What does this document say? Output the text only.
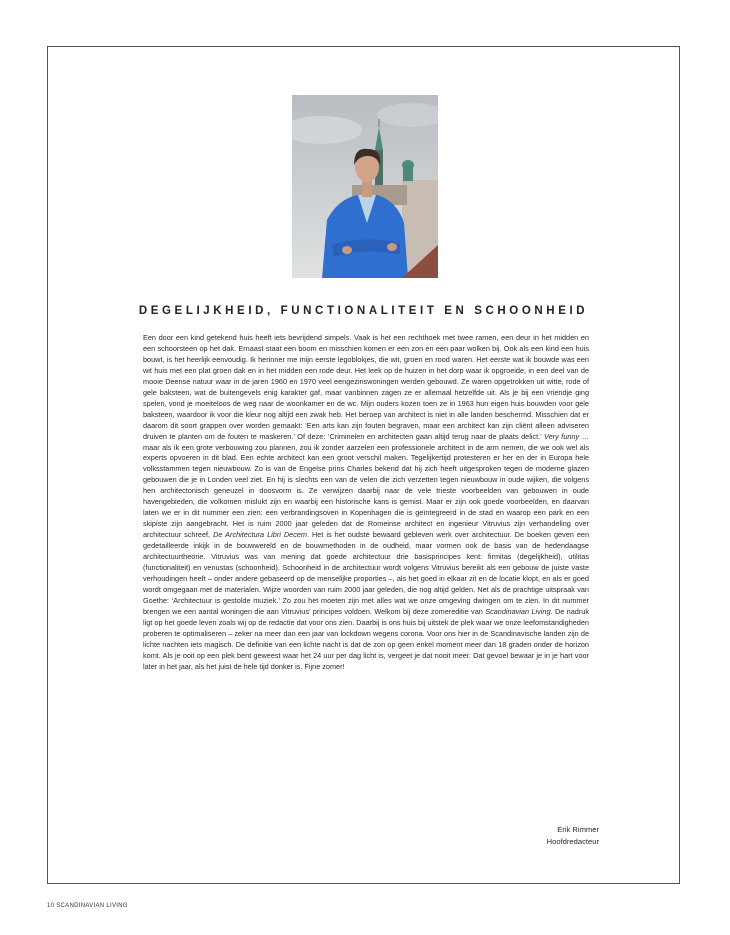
DEGELIJKHEID, FUNCTIONALITEIT EN SCHOONHEID

Een door een kind getekend huis heeft iets bevrijdend simpels. Vaak is het een rechthoek met twee ramen, een deur in het midden en een schoorsteen op het dak. Ernaast staat een boom en misschien komen er een zon en een paar wolken bij. Ook als een kind een huis bouwt, is het heerlijk eenvoudig. Ik herinner me mijn eerste legoblokjes, die wit, groen en rood waren. Het eerste wat ik bouwde was een wit huis met een plat groen dak en in het midden een rode deur. Het leek op de huizen in het dorp waar ik opgroeide, in een deel van de mooie Deense natuur waar in de jaren 1960 en 1970 veel eengezinswoningen werden gebouwd. Ze waren opgetrokken uit witte, rode of gele baksteen, wat de buitengevels enig karakter gaf, maar vanbinnen zagen ze er allemaal hetzelfde uit. Als je bij een vriendje ging spelen, vond je moeiteloos de weg naar de woonkamer en de wc. Mijn ouders kozen toen ze in 1963 hun eigen huis bouwden voor gele baksteen, waardoor ik voor die kleur nog altijd een zwak heb. Het beroep van architect is niet in alle landen beschermd. Misschien dat er daarom dit soort grappen over worden gemaakt: ‘Een arts kan zijn fouten begraven, maar een architect kan zijn cliënt alleen adviseren druiven te planten om de fouten te maskeren.’ Of deze: ‘Criminelen en architecten gaan altijd terug naar de plaats delict.’ Very funny … maar als ik een grote verbouwing zou plannen, zou ik zonder aarzelen een professionele architect in de arm nemen, die we ook wel als experts opvoeren in dit blad. Een echte architect kan een groot verschil maken. Tegelijkertijd protesteren er her en der in Europa hele volksstammen tegen nieuwbouw. Zo is van de Engelse prins Charles bekend dat hij zich heeft uitgesproken tegen de moderne glazen gebouwen die je in Londen veel ziet. En hij is slechts een van de velen die zich verzetten tegen nieuwbouw in oude wijken, die volgens hen architectonisch geneuzel in doosvorm is. Ze verwijzen daarbij naar de vele trieste voorbeelden van gebouwen in oude havengebieden, die volkomen mislukt zijn en waarbij een historische kans is gemist. Maar er zijn ook goede voorbeelden, en daarvan laten we er in dit nummer een zien: een verbrandingsoven in Kopenhagen die is geïntegreerd in de stad en waarop een park en een skipiste zijn aangebracht. Het is ruim 2000 jaar geleden dat de Romeinse architect en ingenieur Vitruvius zijn verhandeling over architectuur schreef, De Architectura Libri Decem. Het is het oudste bewaard gebleven werk over architectuur. De boeken geven een gedetailleerde inkijk in de bouwwereld en de bouwmethoden in de oudheid, maar vormen ook de basis van de hedendaagse architectuurtheorie. Vitruvius was van mening dat goede architectuur drie basisprincipes kent: firmitas (degelijkheid), utilitas (functionaliteit) en venustas (schoonheid). Schoonheid in de architectuur wordt volgens Vitruvius bereikt als een gebouw de juiste vaste verhoudingen heeft – onder andere gebaseerd op de menselijke proporties –, als het goed in elkaar zit en de locatie klopt, en als er goed wordt omgegaan met de materialen. Wijze woorden van ruim 2000 jaar geleden, die nog altijd gelden. Net als de prachtige uitspraak van Goethe: ‘Architectuur is gestolde muziek.’ Zo zou het moeten zijn met alles wat we onze omgeving dwingen om te zien. In dit nummer brengen we een aantal woningen die aan Vitruvius’ principes voldoen. Welkom bij deze zomereditie van Scandinavian Living. De nadruk ligt op het goede leven zoals wij op de redactie dat voor ons zien. Daarbij is ons huis bij uitstek de plek waar we onze leefomstandigheden proberen te optimaliseren – zeker na meer dan een jaar van lockdown wegens corona. Voor ons hier in de Scandinavische landen zijn de lichte nachten iets magisch. De definitie van een lichte nacht is dat de zon op geen enkel moment meer dan 18 graden onder de horizon komt. Als je ooit op een plek bent geweest waar het 24 uur per dag licht is, vergeet je dat nooit meer. Dat gevoel bewaar je in je hart voor later in het jaar, als het juist de hele tijd donker is. Fijne zomer!

Erik Rimmer
Hoofdredacteur
10 SCANDINAVIAN LIVING
